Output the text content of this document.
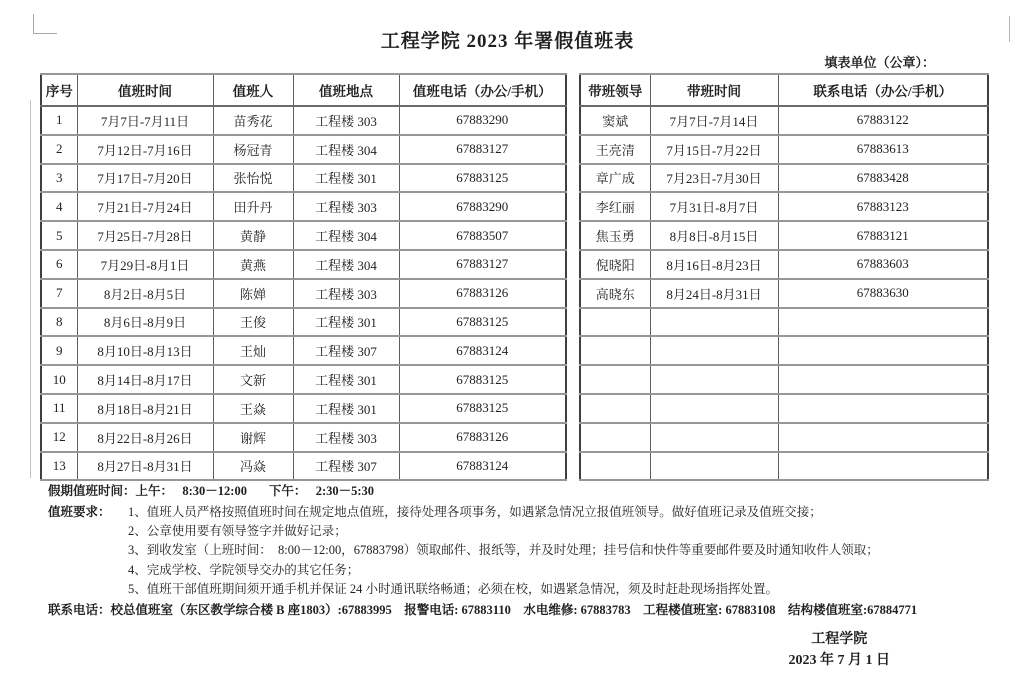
工程学院 2023 年署假值班表
填表单位（公章）：
序号	值班时间	值班人	值班地点	值班电话（办公/手机）
1	7月7日-7月11日	苗秀花	工程楼 303	67883290
2	7月12日-7月16日	杨冠青	工程楼 304	67883127
3	7月17日-7月20日	张怡悦	工程楼 301	67883125
4	7月21日-7月24日	田升丹	工程楼 303	67883290
5	7月25日-7月28日	黄静	工程楼 304	67883507
6	7月29日-8月1日	黄燕	工程楼 304	67883127
7	8月2日-8月5日	陈婵	工程楼 303	67883126
8	8月6日-8月9日	王俊	工程楼 301	67883125
9	8月10日-8月13日	王灿	工程楼 307	67883124
10	8月14日-8月17日	文新	工程楼 301	67883125
11	8月18日-8月21日	王焱	工程楼 301	67883125
12	8月22日-8月26日	谢辉	工程楼 303	67883126
13	8月27日-8月31日	冯焱	工程楼 307	67883124
带班领导	带班时间	联系电话（办公/手机）
窦斌	7月7日-7月14日	67883122
王亮清	7月15日-7月22日	67883613
章广成	7月23日-7月30日	67883428
李红丽	7月31日-8月7日	67883123
焦玉勇	8月8日-8月15日	67883121
倪晓阳	8月16日-8月23日	67883603
高晓东	8月24日-8月31日	67883630

假期值班时间：上午：   8:30－12:00       下午：   2:30－5:30
值班要求：	1、值班人员严格按照值班时间在规定地点值班，接待处理各项事务，如遇紧急情况立报值班领导。做好值班记录及值班交接；
2、公章使用要有领导签字并做好记录；
3、到收发室（上班时间：  8:00－12:00，67883798）领取邮件、报纸等，并及时处理；挂号信和快件等重要邮件要及时通知收件人领取；
4、完成学校、学院领导交办的其它任务；
5、值班干部值班期间须开通手机并保证 24 小时通讯联络畅通；必须在校，如遇紧急情况，须及时赶赴现场指挥处置。
联系电话：校总值班室（东区教学综合楼 B 座1803）:67883995    报警电话: 67883110    水电维修: 67883783    工程楼值班室: 67883108    结构楼值班室:67884771
工程学院
2023 年 7 月 1 日
